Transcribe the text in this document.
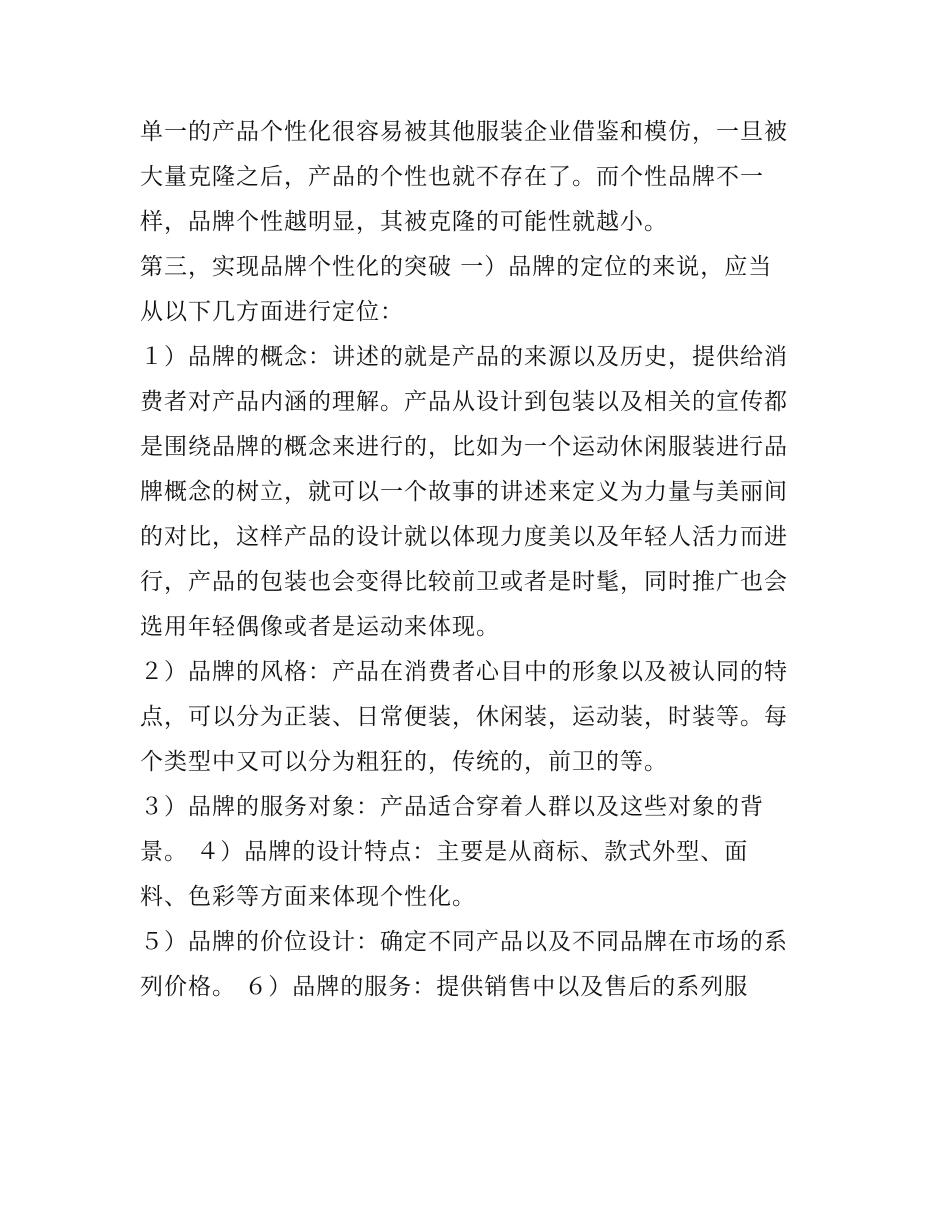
单一的产品个性化很容易被其他服装企业借鉴和模仿，一旦被
大量克隆之后，产品的个性也就不存在了。而个性品牌不一
样，品牌个性越明显，其被克隆的可能性就越小。
第三，实现品牌个性化的突破 一）品牌的定位的来说，应当
从以下几方面进行定位：
１）品牌的概念：讲述的就是产品的来源以及历史，提供给消
费者对产品内涵的理解。产品从设计到包装以及相关的宣传都
是围绕品牌的概念来进行的，比如为一个运动休闲服装进行品
牌概念的树立，就可以一个故事的讲述来定义为力量与美丽间
的对比，这样产品的设计就以体现力度美以及年轻人活力而进
行，产品的包装也会变得比较前卫或者是时髦，同时推广也会
选用年轻偶像或者是运动来体现。
２）品牌的风格：产品在消费者心目中的形象以及被认同的特
点，可以分为正装、日常便装，休闲装，运动装，时装等。每
个类型中又可以分为粗狂的，传统的，前卫的等。
３）品牌的服务对象：产品适合穿着人群以及这些对象的背
景。 ４）品牌的设计特点：主要是从商标、款式外型、面
料、色彩等方面来体现个性化。
５）品牌的价位设计：确定不同产品以及不同品牌在市场的系
列价格。 ６）品牌的服务：提供销售中以及售后的系列服
